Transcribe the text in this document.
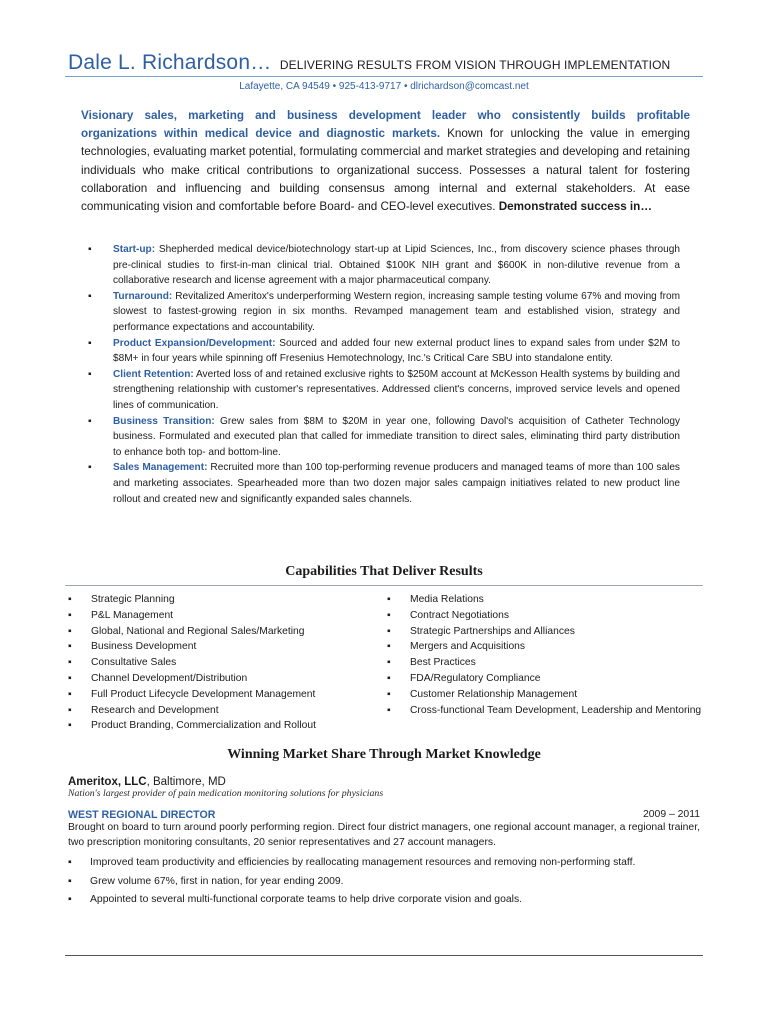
Dale L. Richardson… DELIVERING RESULTS FROM VISION THROUGH IMPLEMENTATION
Lafayette, CA 94549 • 925-413-9717 • dlrichardson@comcast.net
Visionary sales, marketing and business development leader who consistently builds profitable organizations within medical device and diagnostic markets. Known for unlocking the value in emerging technologies, evaluating market potential, formulating commercial and market strategies and developing and retaining individuals who make critical contributions to organizational success. Possesses a natural talent for fostering collaboration and influencing and building consensus among internal and external stakeholders. At ease communicating vision and comfortable before Board- and CEO-level executives. Demonstrated success in…
▪ Start-up: Shepherded medical device/biotechnology start-up at Lipid Sciences, Inc., from discovery science phases through pre-clinical studies to first-in-man clinical trial. Obtained $100K NIH grant and $600K in non-dilutive revenue from a collaborative research and license agreement with a major pharmaceutical company.
▪ Turnaround: Revitalized Ameritox's underperforming Western region, increasing sample testing volume 67% and moving from slowest to fastest-growing region in six months. Revamped management team and established vision, strategy and performance expectations and accountability.
▪ Product Expansion/Development: Sourced and added four new external product lines to expand sales from under $2M to $8M+ in four years while spinning off Fresenius Hemotechnology, Inc.'s Critical Care SBU into standalone entity.
▪ Client Retention: Averted loss of and retained exclusive rights to $250M account at McKesson Health systems by building and strengthening relationship with customer's representatives. Addressed client's concerns, improved service levels and opened lines of communication.
▪ Business Transition: Grew sales from $8M to $20M in year one, following Davol's acquisition of Catheter Technology business. Formulated and executed plan that called for immediate transition to direct sales, eliminating third party distribution to enhance both top- and bottom-line.
▪ Sales Management: Recruited more than 100 top-performing revenue producers and managed teams of more than 100 sales and marketing associates. Spearheaded more than two dozen major sales campaign initiatives related to new product line rollout and created new and significantly expanded sales channels.
Capabilities That Deliver Results
▪ Strategic Planning
▪ P&L Management
▪ Global, National and Regional Sales/Marketing
▪ Business Development
▪ Consultative Sales
▪ Channel Development/Distribution
▪ Full Product Lifecycle Development Management
▪ Research and Development
▪ Product Branding, Commercialization and Rollout
▪ Media Relations
▪ Contract Negotiations
▪ Strategic Partnerships and Alliances
▪ Mergers and Acquisitions
▪ Best Practices
▪ FDA/Regulatory Compliance
▪ Customer Relationship Management
▪ Cross-functional Team Development, Leadership and Mentoring
Winning Market Share Through Market Knowledge
Ameritox, LLC, Baltimore, MD
Nation's largest provider of pain medication monitoring solutions for physicians
WEST REGIONAL DIRECTOR	2009 – 2011
Brought on board to turn around poorly performing region. Direct four district managers, one regional account manager, a regional trainer, two prescription monitoring consultants, 20 senior representatives and 27 account managers.
▪ Improved team productivity and efficiencies by reallocating management resources and removing non-performing staff.
▪ Grew volume 67%, first in nation, for year ending 2009.
▪ Appointed to several multi-functional corporate teams to help drive corporate vision and goals.
